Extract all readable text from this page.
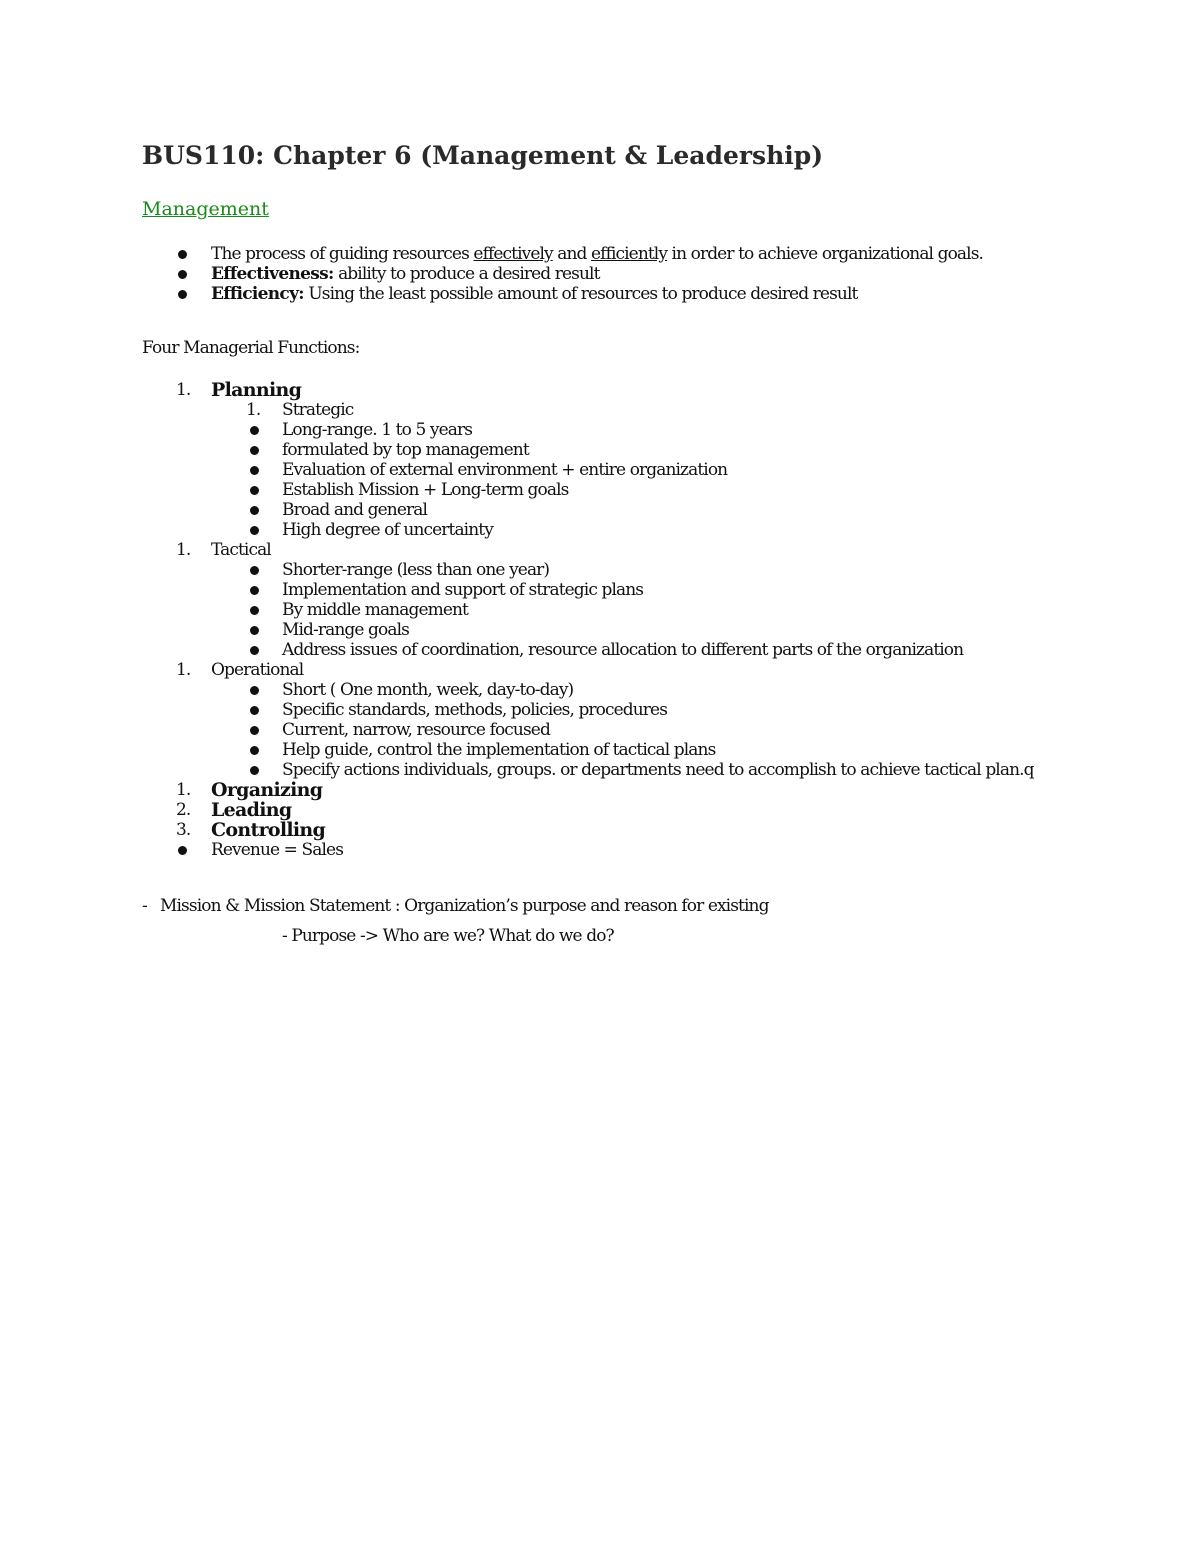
BUS110: Chapter 6 (Management & Leadership)
Management
The process of guiding resources effectively and efficiently in order to achieve organizational goals.
Effectiveness: ability to produce a desired result
Efficiency: Using the least possible amount of resources to produce desired result
Four Managerial Functions:
1. Planning
1. Strategic
Long-range. 1 to 5 years
formulated by top management
Evaluation of external environment + entire organization
Establish Mission + Long-term goals
Broad and general
High degree of uncertainty
1. Tactical
Shorter-range (less than one year)
Implementation and support of strategic plans
By middle management
Mid-range goals
Address issues of coordination, resource allocation to different parts of the organization
1. Operational
Short ( One month, week, day-to-day)
Specific standards, methods, policies, procedures
Current, narrow, resource focused
Help guide, control the implementation of tactical plans
Specify actions individuals, groups. or departments need to accomplish to achieve tactical plan.q
1. Organizing
2. Leading
3. Controlling
Revenue = Sales
- Mission & Mission Statement : Organization’s purpose and reason for existing
- Purpose -> Who are we? What do we do?
